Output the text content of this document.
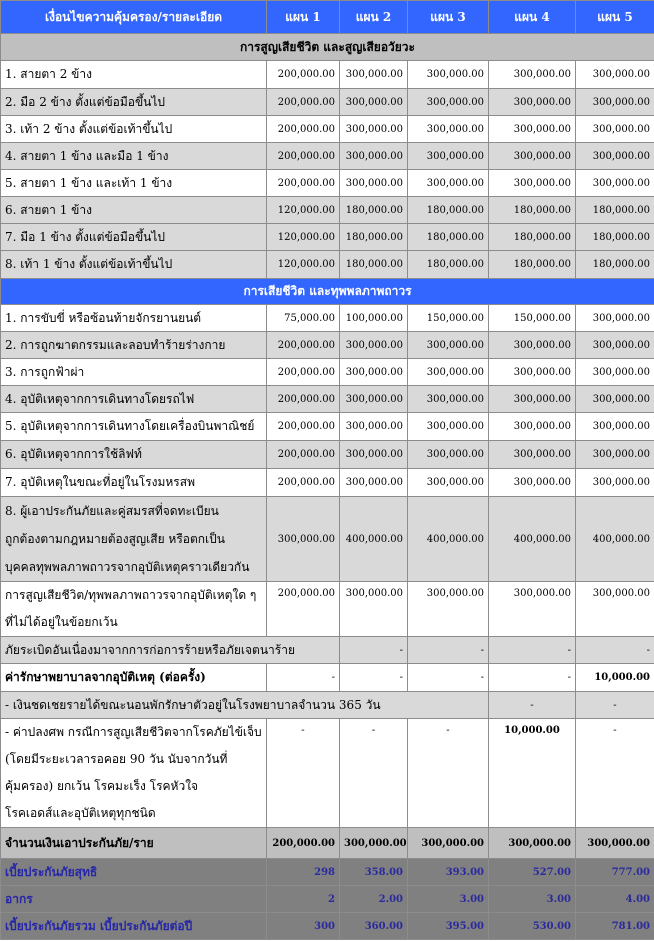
เงื่อนไขความคุ้มครอง/รายละเอียด	แผน 1	แผน 2	แผน 3	แผน 4	แผน 5
การสูญเสียชีวิต และสูญเสียอวัยวะ					
1. สายตา 2 ข้าง	200,000.00	300,000.00	300,000.00	300,000.00	300,000.00
2. มือ 2 ข้าง ตั้งแต่ข้อมือขึ้นไป	200,000.00	300,000.00	300,000.00	300,000.00	300,000.00
3. เท้า 2 ข้าง ตั้งแต่ข้อเท้าขึ้นไป	200,000.00	300,000.00	300,000.00	300,000.00	300,000.00
4. สายตา 1 ข้าง และมือ 1 ข้าง	200,000.00	300,000.00	300,000.00	300,000.00	300,000.00
5. สายตา 1 ข้าง และเท้า 1 ข้าง	200,000.00	300,000.00	300,000.00	300,000.00	300,000.00
6. สายตา 1 ข้าง	120,000.00	180,000.00	180,000.00	180,000.00	180,000.00
7. มือ 1 ข้าง ตั้งแต่ข้อมือขึ้นไป	120,000.00	180,000.00	180,000.00	180,000.00	180,000.00
8. เท้า 1 ข้าง ตั้งแต่ข้อเท้าขึ้นไป	120,000.00	180,000.00	180,000.00	180,000.00	180,000.00
การเสียชีวิต และทุพพลภาพถาวร					
1. การขับขี่ หรือซ้อนท้ายจักรยานยนต์	75,000.00	100,000.00	150,000.00	150,000.00	300,000.00
2. การถูกฆาตกรรมและลอบทำร้ายร่างกาย	200,000.00	300,000.00	300,000.00	300,000.00	300,000.00
3. การถูกฟ้าผ่า	200,000.00	300,000.00	300,000.00	300,000.00	300,000.00
4. อุบัติเหตุจากการเดินทางโดยรถไฟ	200,000.00	300,000.00	300,000.00	300,000.00	300,000.00
5. อุบัติเหตุจากการเดินทางโดยเครื่องบินพาณิชย์	200,000.00	300,000.00	300,000.00	300,000.00	300,000.00
6. อุบัติเหตุจากการใช้ลิฟท์	200,000.00	300,000.00	300,000.00	300,000.00	300,000.00
7. อุบัติเหตุในขณะที่อยู่ในโรงมหรสพ	200,000.00	300,000.00	300,000.00	300,000.00	300,000.00

8. ผู้เอาประกันภัยและคู่สมรสที่จดทะเบียน
ถูกต้องตามกฎหมายต้องสูญเสีย หรือตกเป็น
บุคคลทุพพลภาพถาวรจากอุบัติเหตุคราวเดียวกัน	300,000.00	400,000.00	400,000.00	400,000.00	400,000.00

การสูญเสียชีวิต/ทุพพลภาพถาวรจากอุบัติเหตุใด ๆ
ที่ไม่ได้อยู่ในข้อยกเว้น	200,000.00	300,000.00	300,000.00	300,000.00	300,000.00
ภัยระเบิดอันเนื่องมาจากการก่อการร้ายหรือภัยเจตนาร้าย		-	-	-	-
ค่ารักษาพยาบาลจากอุบัติเหตุ (ต่อครั้ง)	-	-	-	-	10,000.00
- เงินชดเชยรายได้ขณะนอนพักรักษาตัวอยู่ในโรงพยาบาลจำนวน 365 วัน				-	-

- ค่าปลงศพ กรณีการสูญเสียชีวิตจากโรคภัยไข้เจ็บ
(โดยมีระยะเวลารอคอย 90 วัน นับจากวันที่
คุ้มครอง) ยกเว้น โรคมะเร็ง โรคหัวใจ
โรคเอดส์และอุบัติเหตุทุกชนิด	-	-	-	10,000.00	-
จำนวนเงินเอาประกันภัย/ราย	200,000.00	300,000.00	300,000.00	300,000.00	300,000.00
เบี้ยประกันภัยสุทธิ	298	358.00	393.00	527.00	777.00
อากร	2	2.00	3.00	3.00	4.00
เบี้ยประกันภัยรวม เบี้ยประกันภัยต่อปี	300	360.00	395.00	530.00	781.00
